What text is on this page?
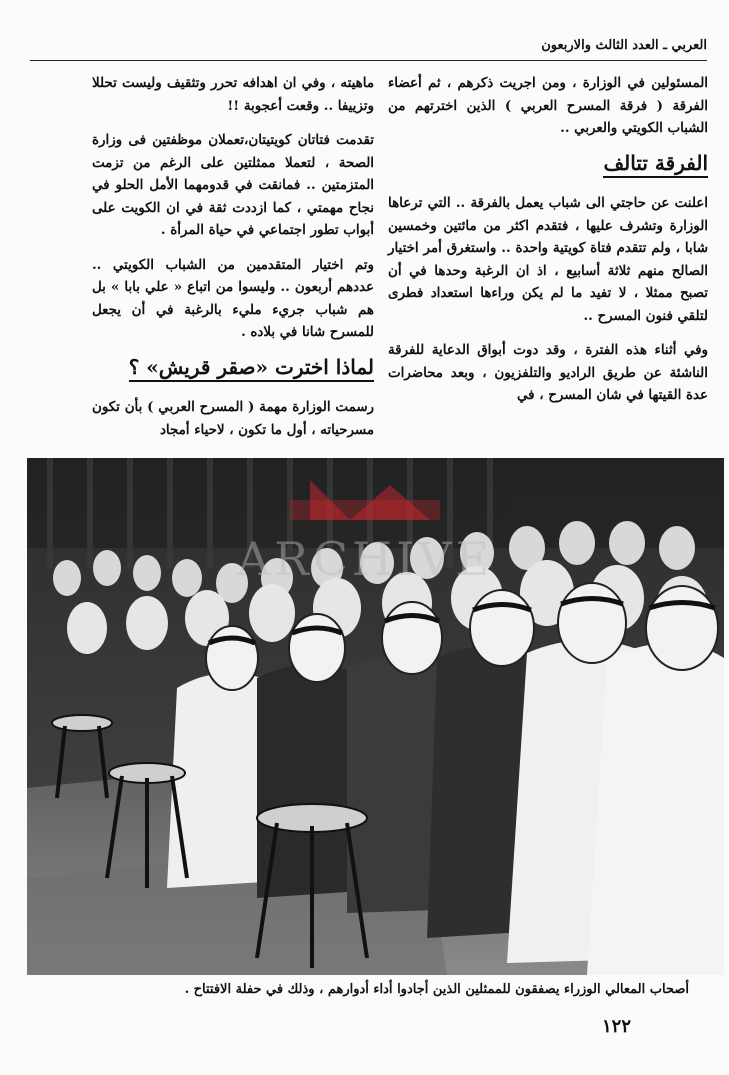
العربي ـ العدد الثالث والاربعون

المسئولين في الوزارة ، ومن اجريت ذكرهم ، ثم أعضاء الفرقة ( فرقة المسرح العربي ) الذين اخترتهم من الشباب الكويتي والعربي ..

الفرقة تتالف

اعلنت عن حاجتي الى شباب يعمل بالفرقة .. التي ترعاها الوزارة وتشرف عليها ، فتقدم اكثر من مائتين وخمسين شابا ، ولم تتقدم فتاة كويتية واحدة .. واستغرق أمر اختيار الصالح منهم ثلاثة أسابيع ، اذ ان الرغبة وحدها في أن تصبح ممثلا ، لا تفيد ما لم يكن وراءها استعداد فطرى لتلقي فنون المسرح ..

وفي أثناء هذه الفترة ، وقد دوت أبواق الدعاية للفرقة الناشئة عن طريق الراديو والتلفزيون ، وبعد محاضرات عدة القيتها في شان المسرح ، في

ماهيته ، وفي ان اهدافه تحرر وتثقيف وليست تحللا وتزييفا .. وقعت أعجوبة !!

تقدمت فتاتان كويتيتان،تعملان موظفتين فى وزارة الصحة ، لتعملا ممثلتين على الرغم من تزمت المتزمتين .. فمانقت في قدومهما الأمل الحلو في نجاح مهمتي ، كما ازددت ثقة في ان الكويت على أبواب تطور اجتماعي في حياة المرأة .

وتم اختيار المتقدمين من الشباب الكويتي .. عددهم أربعون .. وليسوا من اتباع « علي بابا » بل هم شباب جريء مليء بالرغبة في أن يجعل للمسرح شانا في بلاده .

لماذا اخترت «صقر قريش» ؟

رسمت الوزارة مهمة ( المسرح العربي ) بأن تكون مسرحياته ، أول ما تكون ، لاحياء أمجاد

ARCHIVE
أصحاب المعالي الوزراء يصفقون للممثلين الذين أجادوا أداء أدوارهم ، وذلك في حفلة الافتتاح .
١٢٢
